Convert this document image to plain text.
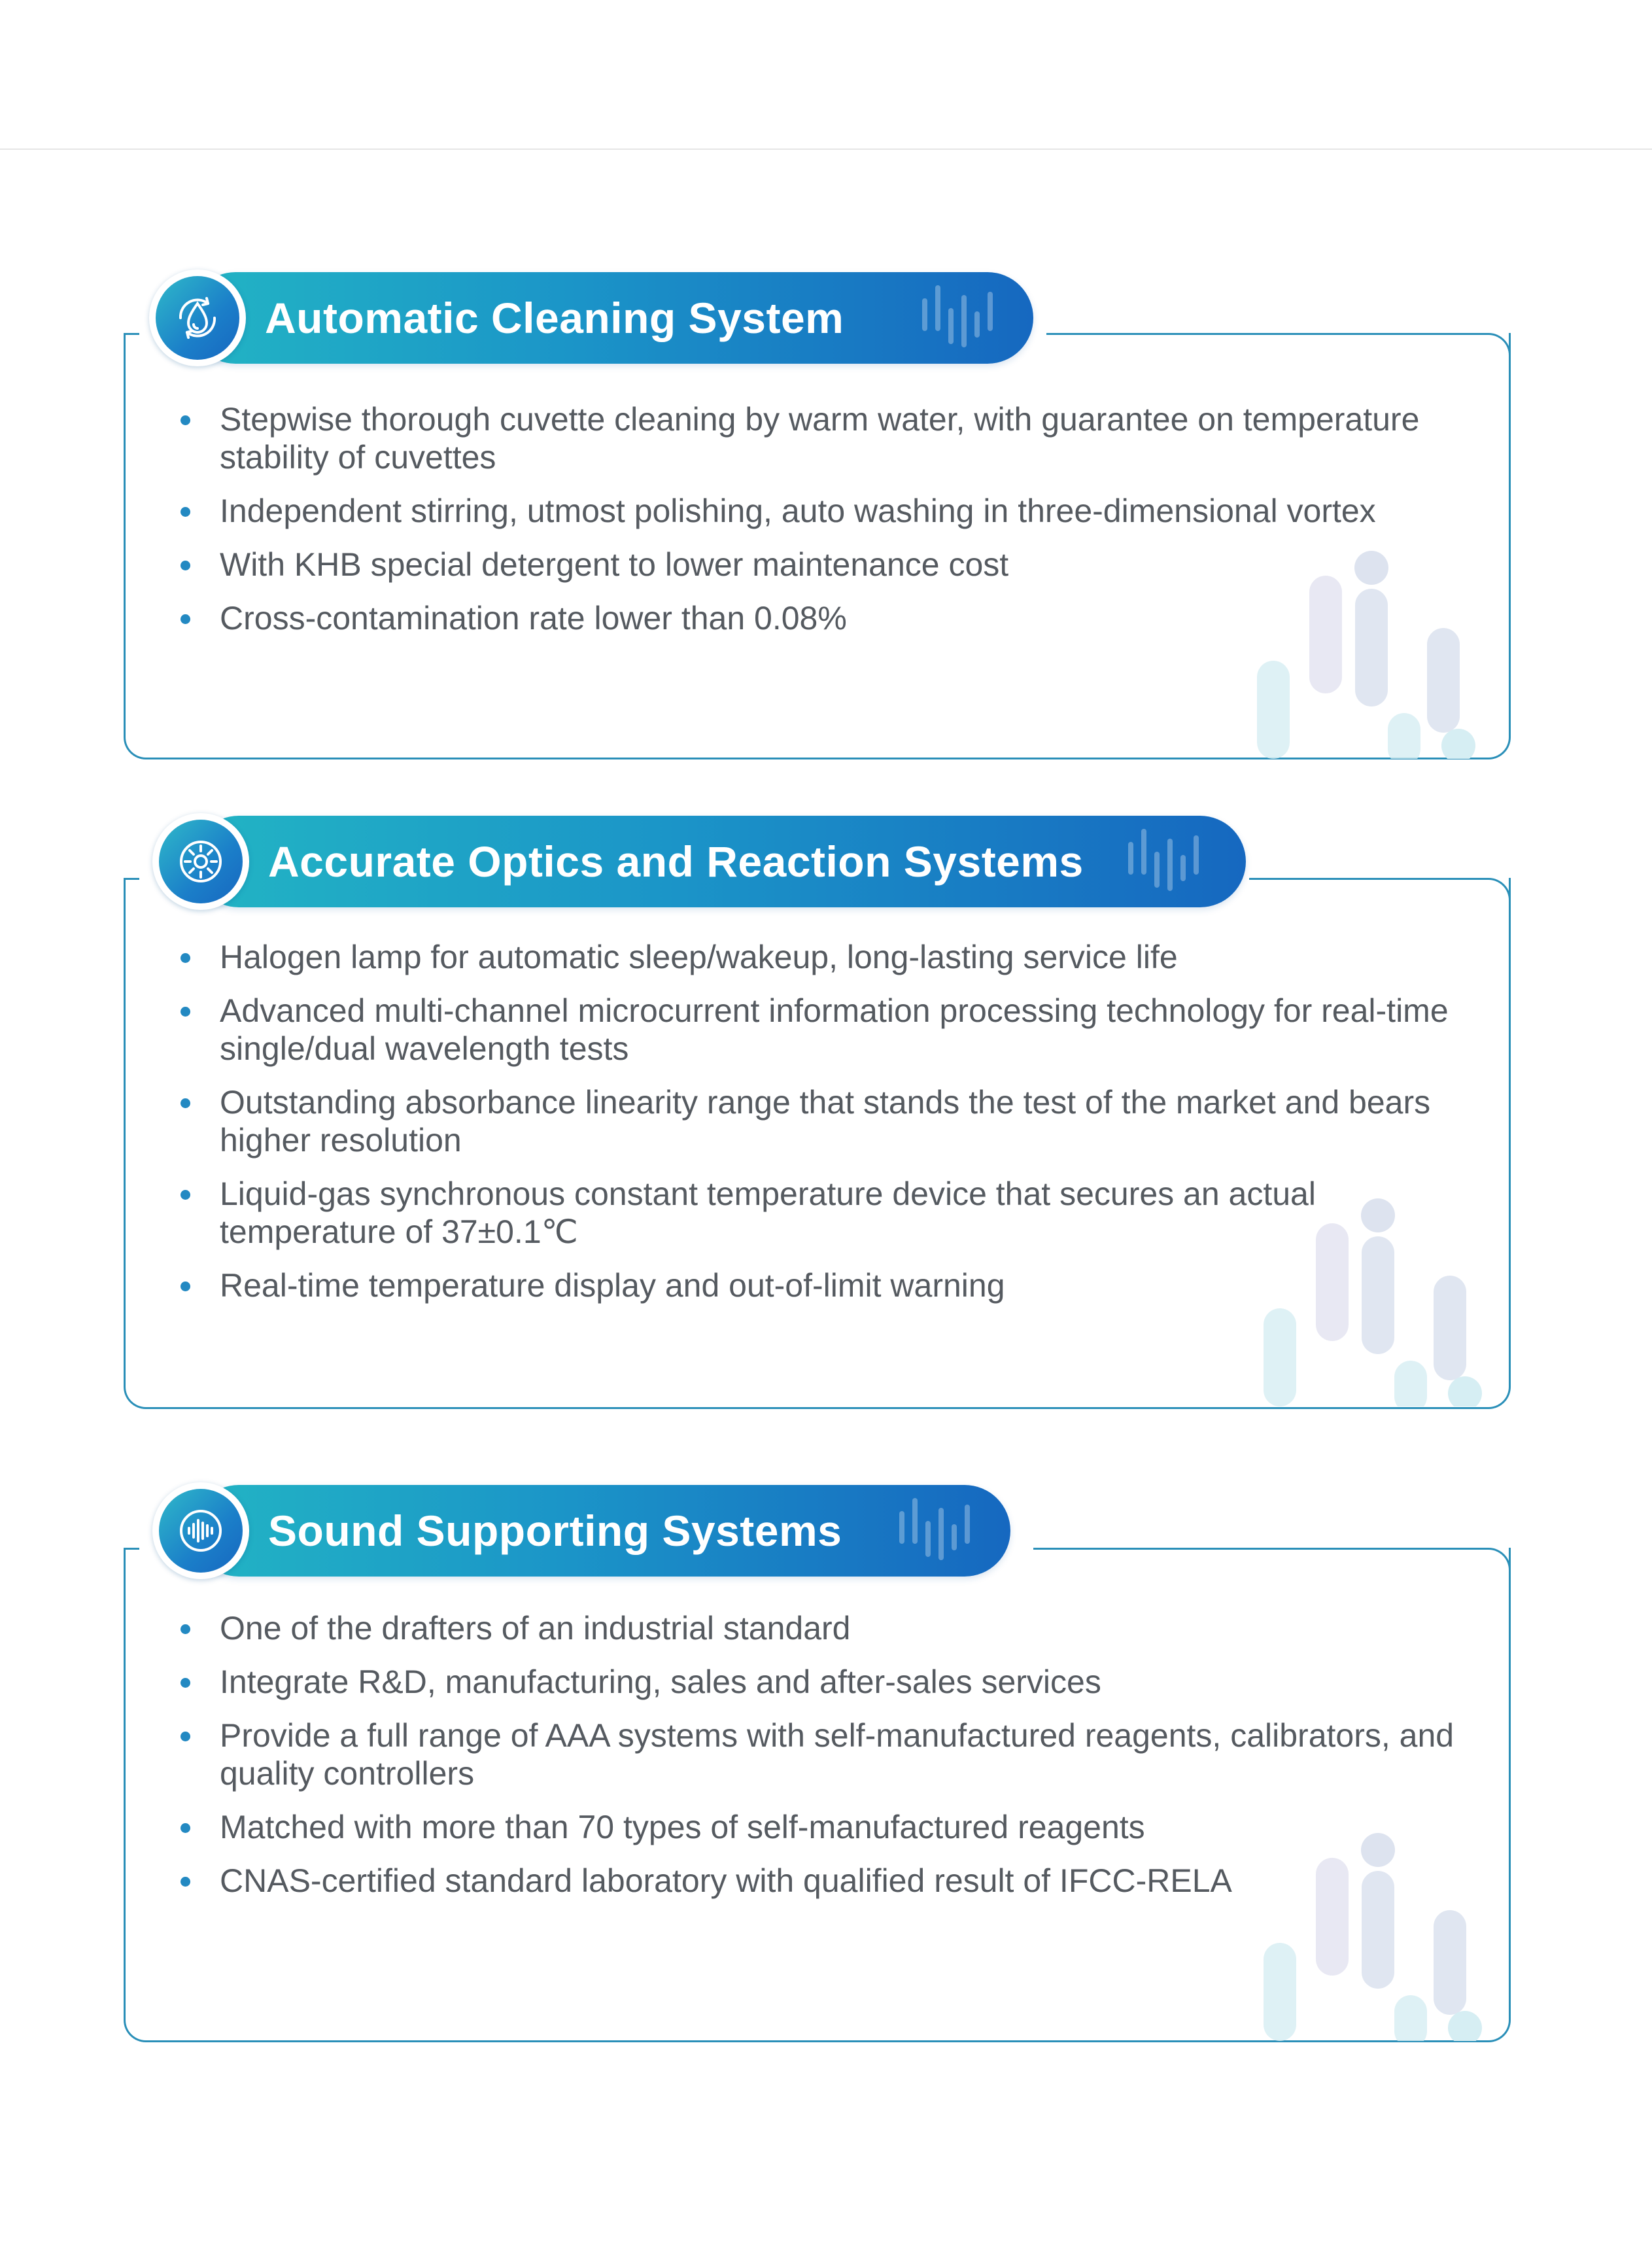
Automatic Cleaning System
Stepwise thorough cuvette cleaning by warm water, with guarantee on temperature stability of cuvettes
Independent stirring, utmost polishing, auto washing in three-dimensional vortex
With KHB special detergent to lower maintenance cost
Cross-contamination rate lower than 0.08%
Accurate Optics and Reaction Systems
Halogen lamp for automatic sleep/wakeup, long-lasting service life
Advanced multi-channel microcurrent information processing technology for real-time single/dual wavelength tests
Outstanding absorbance linearity range that stands the test of the market and bears higher resolution
Liquid-gas synchronous constant temperature device that secures an actual temperature of 37±0.1℃
Real-time temperature display and out-of-limit warning
Sound Supporting Systems
One of the drafters of an industrial standard
Integrate R&D, manufacturing, sales and after-sales services
Provide a full range of AAA systems with self-manufactured reagents, calibrators, and quality controllers
Matched with more than 70 types of self-manufactured reagents
CNAS-certified standard laboratory with qualified result of IFCC-RELA
